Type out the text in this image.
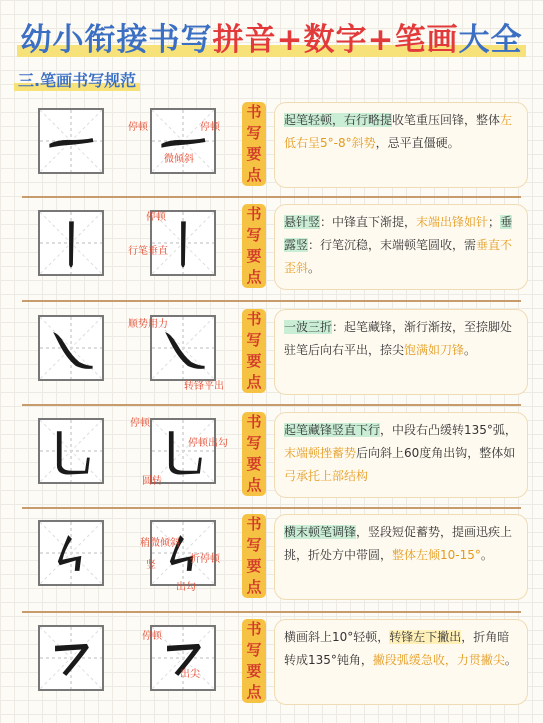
幼小衔接书写拼音+数字+笔画大全
三.笔画书写规范
停顿	停顿
微倾斜
书
写
要
点
起笔轻顿，右行略提收笔重压回锋，整体左低右呈5°-8°斜势，忌平直僵硬。
停顿
行笔垂直
书
写
要
点
悬针竖：中锋直下渐提，末端出锋如针；垂露竖：行笔沉稳，末端顿笔圆收，需垂直不歪斜。
顺势用力
转锋平出
书
写
要
点
一波三折：起笔藏锋，渐行渐按，至捺脚处驻笔后向右平出，捺尖饱满如刀锋。
停顿
停顿出勾
圆转
书
写
要
点
起笔藏锋竖直下行，中段右凸缓转135°弧，末端顿挫蓄势后向斜上60度角出钩，整体如弓承托上部结构
稍微倾斜
竖
折停顿
出勾
书
写
要
点
横末顿笔调锋，竖段短促蓄势，提画迅疾上挑，折处方中带圆，整体左倾10-15°。
停顿
出尖
书
写
要
点
横画斜上10°轻顿，转锋左下撇出，折角暗转成135°钝角，撇段弧缓急收，力贯撇尖。
